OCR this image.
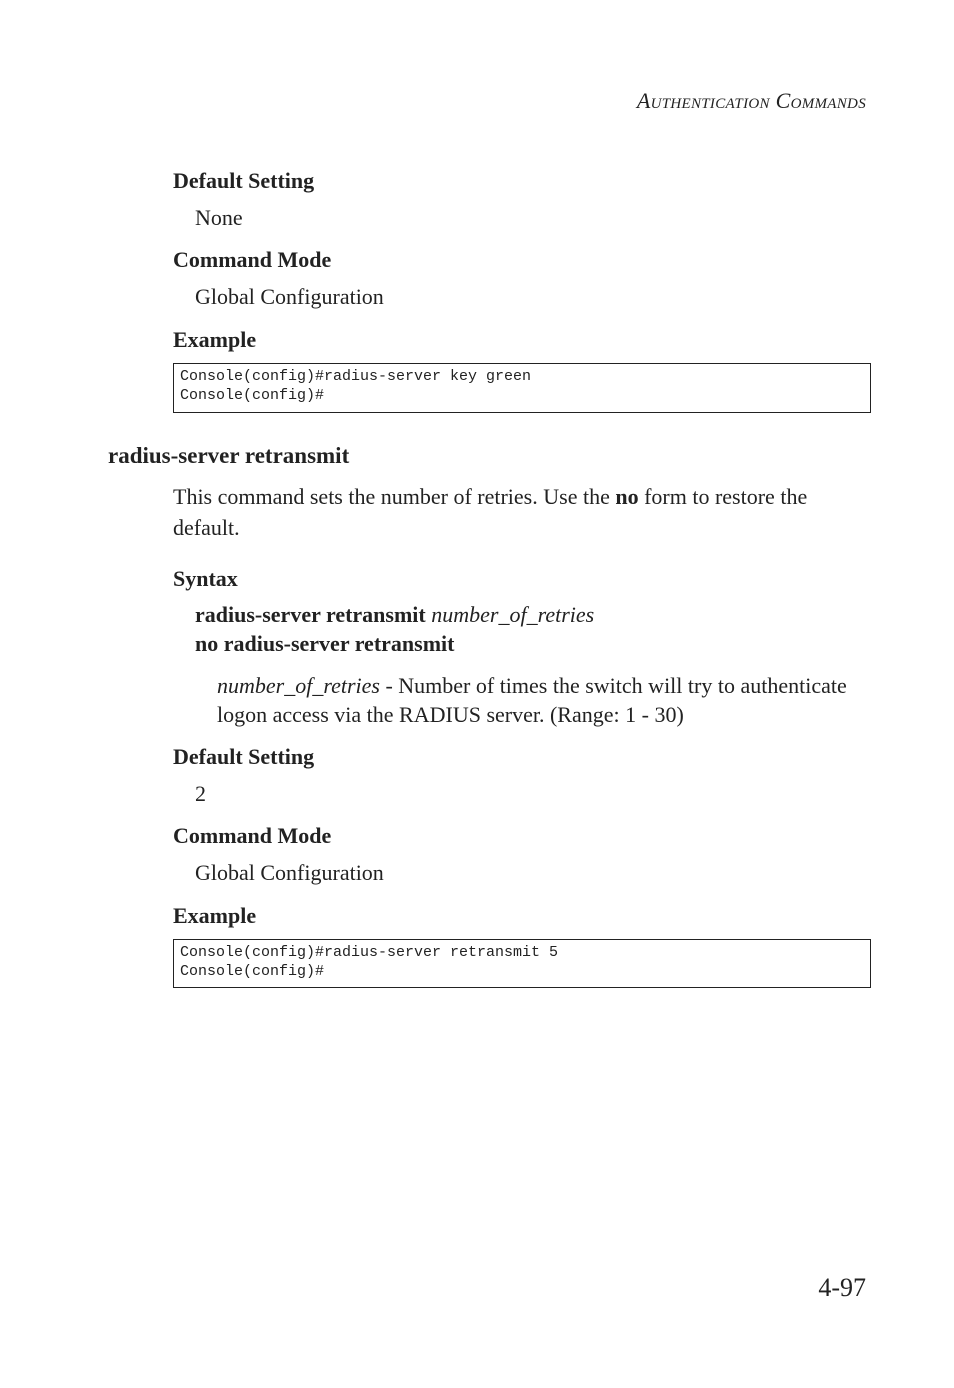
Authentication Commands
Default Setting
None
Command Mode
Global Configuration
Example
Console(config)#radius-server key green
Console(config)#
radius-server retransmit
This command sets the number of retries. Use the no form to restore the default.
Syntax
radius-server retransmit number_of_retries
no radius-server retransmit
number_of_retries - Number of times the switch will try to authenticate logon access via the RADIUS server. (Range: 1 - 30)
Default Setting
2
Command Mode
Global Configuration
Example
Console(config)#radius-server retransmit 5
Console(config)#
4-97
